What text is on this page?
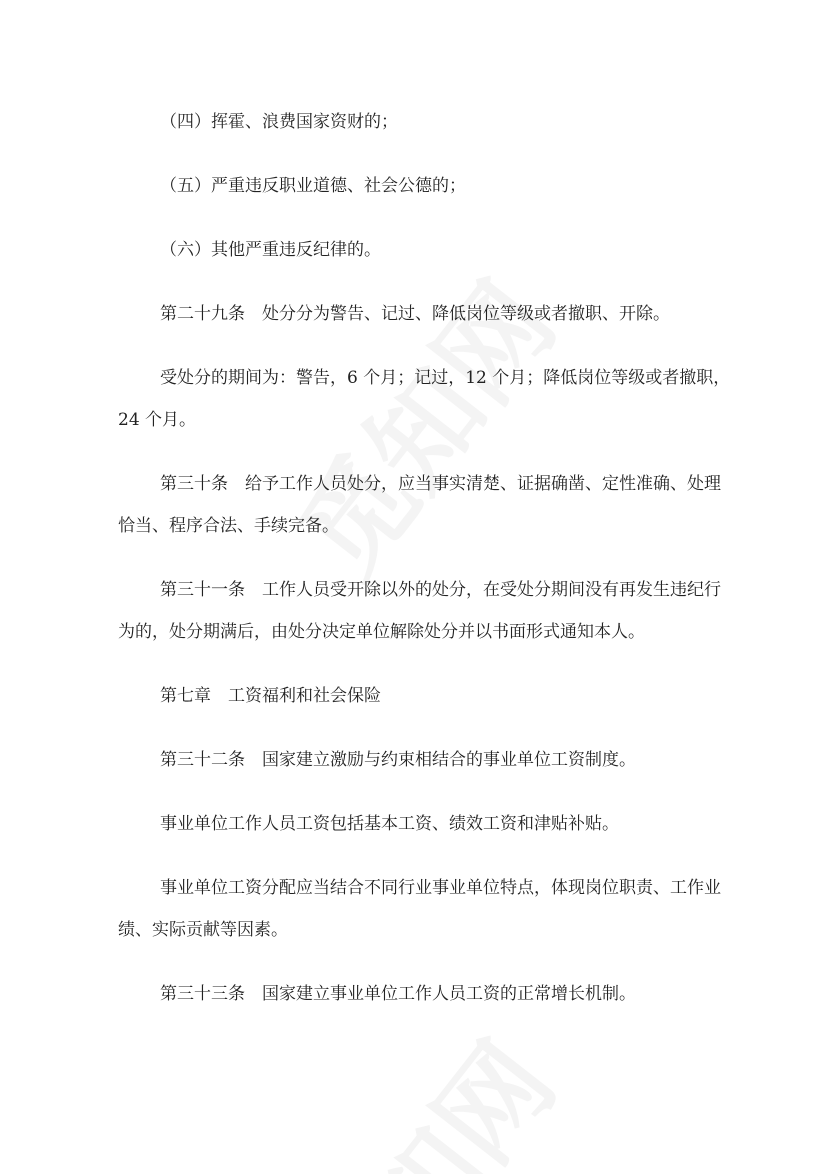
（四）挥霍、浪费国家资财的；
（五）严重违反职业道德、社会公德的；
（六）其他严重违反纪律的。
第二十九条　处分分为警告、记过、降低岗位等级或者撤职、开除。
受处分的期间为：警告，6 个月；记过，12 个月；降低岗位等级或者撤职，
24 个月。
第三十条　给予工作人员处分，应当事实清楚、证据确凿、定性准确、处理
恰当、程序合法、手续完备。
第三十一条　工作人员受开除以外的处分，在受处分期间没有再发生违纪行
为的，处分期满后，由处分决定单位解除处分并以书面形式通知本人。
第七章　工资福利和社会保险
第三十二条　国家建立激励与约束相结合的事业单位工资制度。
事业单位工作人员工资包括基本工资、绩效工资和津贴补贴。
事业单位工资分配应当结合不同行业事业单位特点，体现岗位职责、工作业
绩、实际贡献等因素。
第三十三条　国家建立事业单位工作人员工资的正常增长机制。
